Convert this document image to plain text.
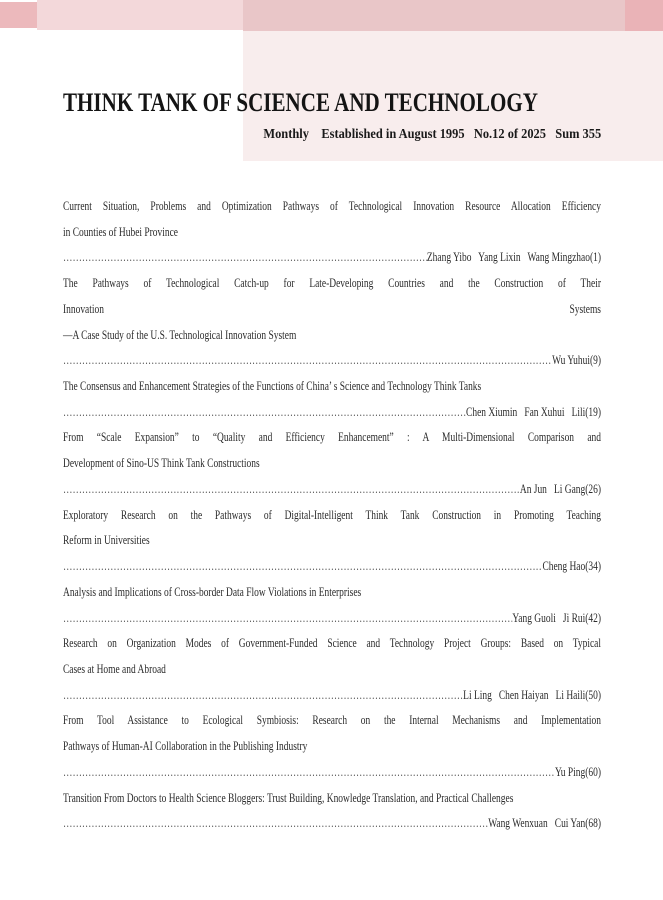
THINK TANK OF SCIENCE AND TECHNOLOGY
Monthly    Established in August 1995   No.12 of 2025   Sum 355
Current Situation, Problems and Optimization Pathways of Technological Innovation Resource Allocation Efficiency
in Counties of Hubei Province
…………………………………………………………………………………………………………………………………………………………………………………………………………………………
Zhang Yibo   Yang Lixin   Wang Mingzhao(1)
The Pathways of Technological Catch-up for Late-Developing Countries and the Construction of Their
Innovation Systems
—A Case Study of the U.S. Technological Innovation System
…………………………………………………………………………………………………………………………………………………………………………………………………………………………
Wu Yuhui(9)
The Consensus and Enhancement Strategies of the Functions of China’ s Science and Technology Think Tanks
…………………………………………………………………………………………………………………………………………………………………………………………………………………………
Chen Xiumin   Fan Xuhui   Lili(19)
From “Scale Expansion” to “Quality and Efficiency Enhancement” : A Multi-Dimensional Comparison and
Development of Sino-US Think Tank Constructions
…………………………………………………………………………………………………………………………………………………………………………………………………………………………
An Jun   Li Gang(26)
Exploratory Research on the Pathways of Digital-Intelligent Think Tank Construction in Promoting Teaching
Reform in Universities
…………………………………………………………………………………………………………………………………………………………………………………………………………………………
Cheng Hao(34)
Analysis and Implications of Cross-border Data Flow Violations in Enterprises
…………………………………………………………………………………………………………………………………………………………………………………………………………………………
Yang Guoli   Ji Rui(42)
Research on Organization Modes of Government-Funded Science and Technology Project Groups: Based on Typical
Cases at Home and Abroad
…………………………………………………………………………………………………………………………………………………………………………………………………………………………
Li Ling   Chen Haiyan   Li Haili(50)
From Tool Assistance to Ecological Symbiosis: Research on the Internal Mechanisms and Implementation
Pathways of Human-AI Collaboration in the Publishing Industry
…………………………………………………………………………………………………………………………………………………………………………………………………………………………
Yu Ping(60)
Transition From Doctors to Health Science Bloggers: Trust Building, Knowledge Translation, and Practical Challenges
…………………………………………………………………………………………………………………………………………………………………………………………………………………………
Wang Wenxuan   Cui Yan(68)
